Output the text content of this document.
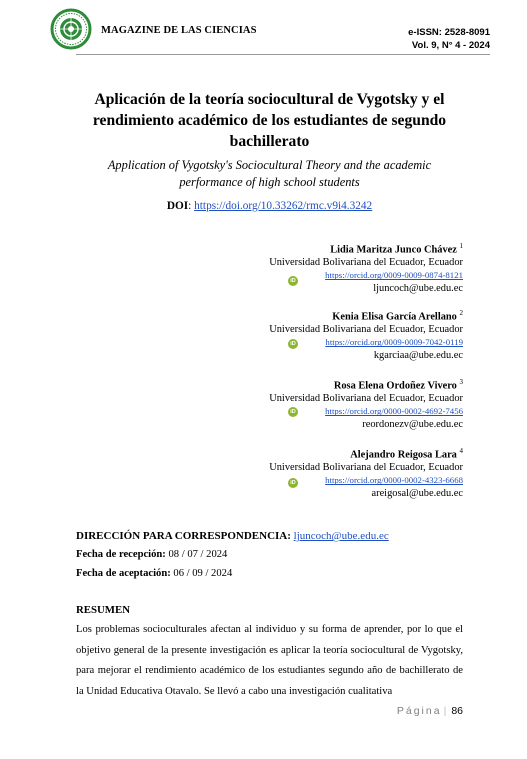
MAGAZINE DE LAS CIENCIAS	e-ISSN: 2528-8091
Vol. 9, N° 4 - 2024
Aplicación de la teoría sociocultural de Vygotsky y el rendimiento académico de los estudiantes de segundo bachillerato
Application of Vygotsky's Sociocultural Theory and the academic performance of high school students
DOI: https://doi.org/10.33262/rmc.v9i4.3242
Lidia Maritza Junco Chávez $^1$
Universidad Bolivariana del Ecuador, Ecuador
https://orcid.org/0009-0009-0874-8121
ljuncoch@ube.edu.ec
iD
Kenia Elisa García Arellano $^2$
Universidad Bolivariana del Ecuador, Ecuador
https://orcid.org/0009-0009-7042-0119
kgarciaa@ube.edu.ec
iD
Rosa Elena Ordoñez Vivero $^3$
Universidad Bolivariana del Ecuador, Ecuador
https://orcid.org/0000-0002-4692-7456
reordonezv@ube.edu.ec
iD
Alejandro Reigosa Lara $^4$
Universidad Bolivariana del Ecuador, Ecuador
https://orcid.org/0000-0002-4323-6668
areigosal@ube.edu.ec
iD
DIRECCIÓN PARA CORRESPONDENCIA: ljuncoch@ube.edu.ec
Fecha de recepción: 08 / 07 / 2024
Fecha de aceptación: 06 / 09 / 2024
RESUMEN
Los problemas socioculturales afectan al individuo y su forma de aprender, por lo que el objetivo general de la presente investigación es aplicar la teoría sociocultural de Vygotsky, para mejorar el rendimiento académico de los estudiantes segundo año de bachillerato de la Unidad Educativa Otavalo. Se llevó a cabo una investigación cualitativa
Página | 86
